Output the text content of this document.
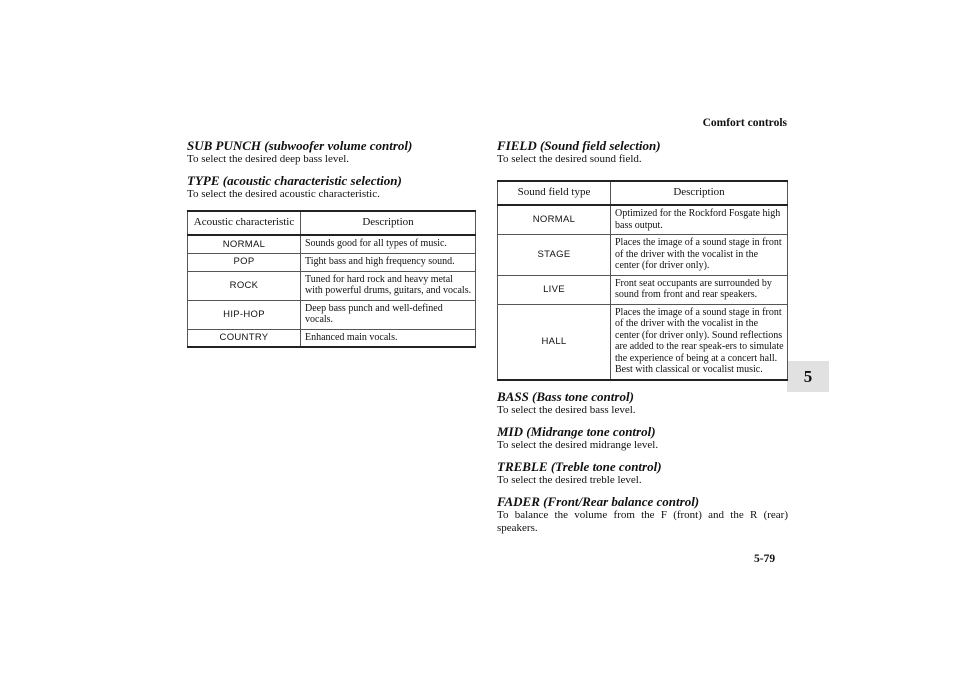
Comfort controls
5
5-79
SUB PUNCH (subwoofer volume control)

To select the desired deep bass level.

TYPE (acoustic characteristic selection)

To select the desired acoustic characteristic.

Acoustic characteristic	Description
NORMAL	Sounds good for all types of music.
POP	Tight bass and high frequency sound.
ROCK	Tuned for hard rock and heavy metal with powerful drums, guitars, and vocals.
HIP-HOP	Deep bass punch and well-defined vocals.
COUNTRY	Enhanced main vocals.
FIELD (Sound field selection)

To select the desired sound field.

Sound field type	Description
NORMAL	Optimized for the Rockford Fosgate high bass output.
STAGE	Places the image of a sound stage in front of the driver with the vocalist in the center (for driver only).
LIVE	Front seat occupants are surrounded by sound from front and rear speakers.
HALL	Places the image of a sound stage in front of the driver with the vocalist in the center (for driver only). Sound reflections are added to the rear speak-ers to simulate the experience of being at a concert hall. Best with classical or vocalist music.
BASS (Bass tone control)

To select the desired bass level.

MID (Midrange tone control)

To select the desired midrange level.

TREBLE (Treble tone control)

To select the desired treble level.

FADER (Front/Rear balance control)

To balance the volume from the F (front) and the R (rear) speakers.
